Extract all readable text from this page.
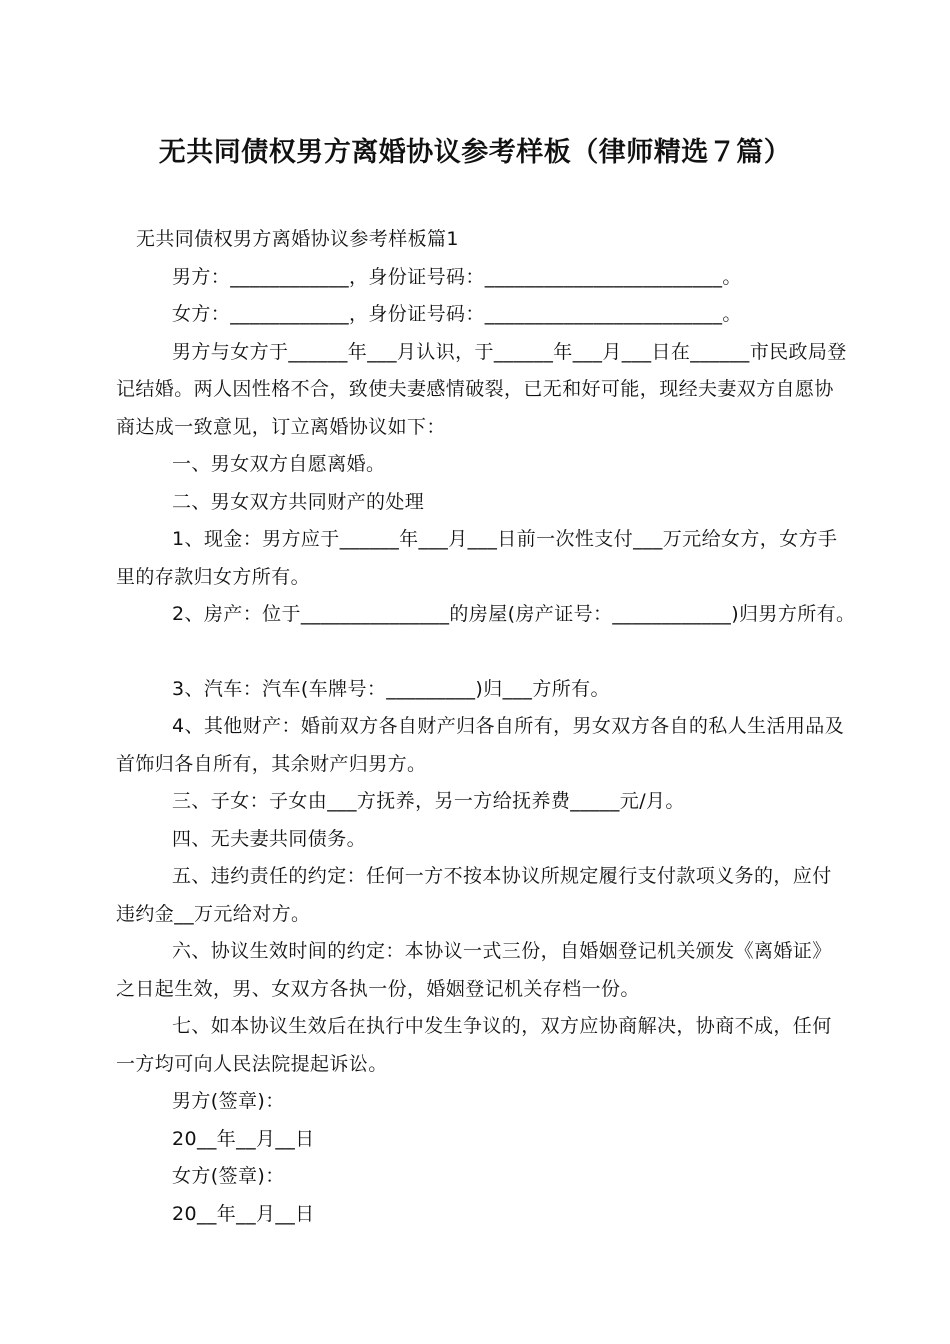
无共同债权男方离婚协议参考样板（律师精选７篇）
无共同债权男方离婚协议参考样板篇1
男方：____________，身份证号码：________________________。
女方：____________，身份证号码：________________________。
男方与女方于______年___月认识，于______年___月___日在______市民政局登
记结婚。两人因性格不合，致使夫妻感情破裂，已无和好可能，现经夫妻双方自愿协
商达成一致意见，订立离婚协议如下：
一、男女双方自愿离婚。
二、男女双方共同财产的处理
1、现金：男方应于______年___月___日前一次性支付___万元给女方，女方手
里的存款归女方所有。
2、房产：位于_______________的房屋(房产证号：____________)归男方所有。
3、汽车：汽车(车牌号：_________)归___方所有。
4、其他财产：婚前双方各自财产归各自所有，男女双方各自的私人生活用品及
首饰归各自所有，其余财产归男方。
三、子女：子女由___方抚养，另一方给抚养费_____元/月。
四、无夫妻共同债务。
五、违约责任的约定：任何一方不按本协议所规定履行支付款项义务的，应付
违约金__万元给对方。
六、协议生效时间的约定：本协议一式三份，自婚姻登记机关颁发《离婚证》
之日起生效，男、女双方各执一份，婚姻登记机关存档一份。
七、如本协议生效后在执行中发生争议的，双方应协商解决，协商不成，任何
一方均可向人民法院提起诉讼。
男方(签章)：
20__年__月__日
女方(签章)：
20__年__月__日
